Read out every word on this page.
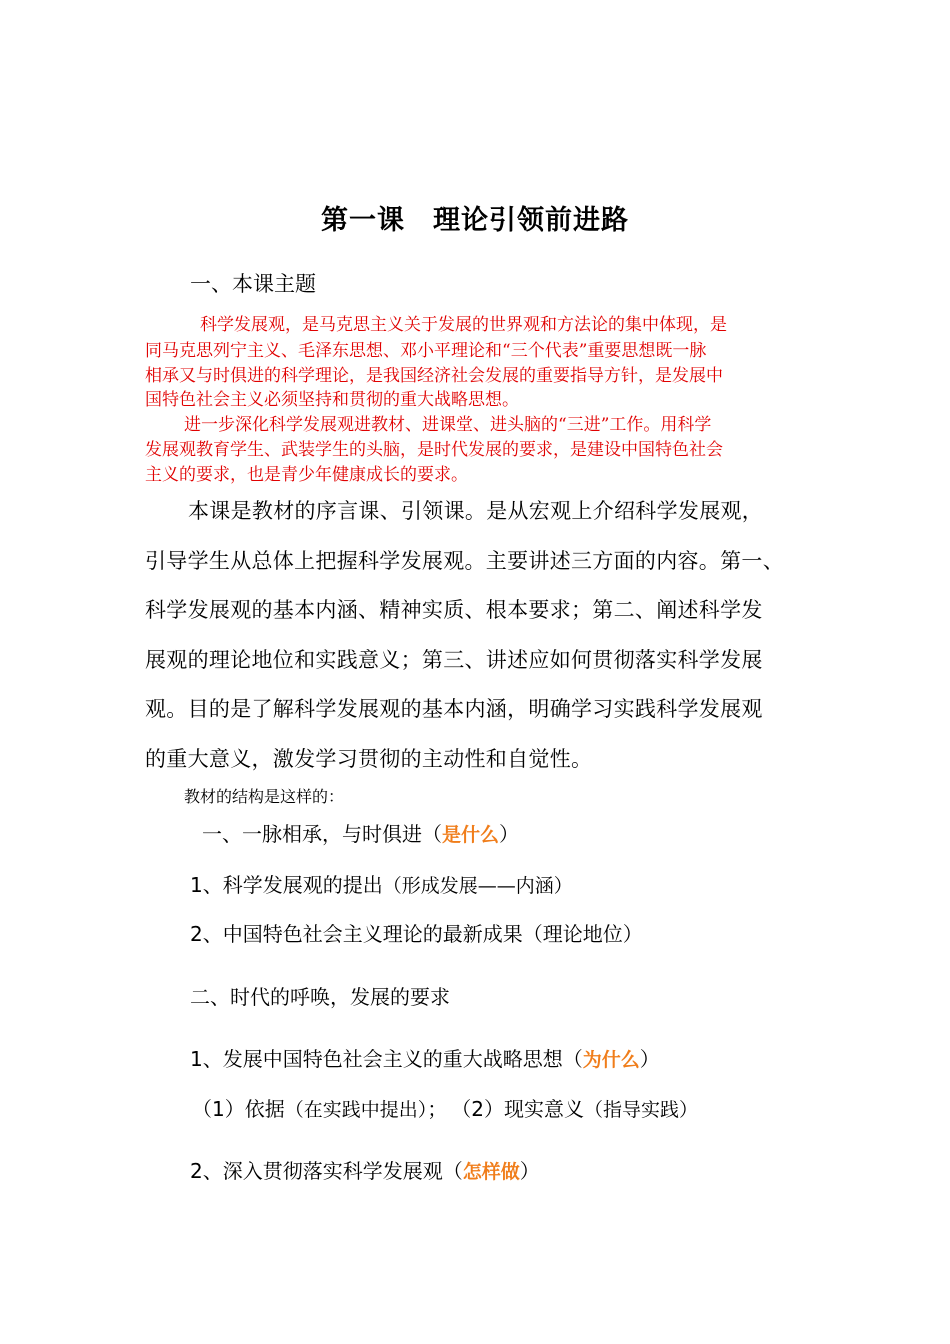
第一课　理论引领前进路
一、本课主题
科学发展观，是马克思主义关于发展的世界观和方法论的集中体现，是
同马克思列宁主义、毛泽东思想、邓小平理论和“三个代表”重要思想既一脉
相承又与时俱进的科学理论，是我国经济社会发展的重要指导方针，是发展中
国特色社会主义必须坚持和贯彻的重大战略思想。
进一步深化科学发展观进教材、进课堂、进头脑的“三进”工作。用科学
发展观教育学生、武装学生的头脑，是时代发展的要求，是建设中国特色社会
主义的要求，也是青少年健康成长的要求。
本课是教材的序言课、引领课。是从宏观上介绍科学发展观，
引导学生从总体上把握科学发展观。主要讲述三方面的内容。第一、
科学发展观的基本内涵、精神实质、根本要求；第二、阐述科学发
展观的理论地位和实践意义；第三、讲述应如何贯彻落实科学发展
观。目的是了解科学发展观的基本内涵，明确学习实践科学发展观
的重大意义，激发学习贯彻的主动性和自觉性。
教材的结构是这样的：
一、一脉相承，与时俱进（是什么）
1、科学发展观的提出（形成发展——内涵）
2、中国特色社会主义理论的最新成果（理论地位）
二、时代的呼唤，发展的要求
1、发展中国特色社会主义的重大战略思想（为什么）
（1）依据（在实践中提出）； （2）现实意义（指导实践）
2、深入贯彻落实科学发展观（怎样做）
